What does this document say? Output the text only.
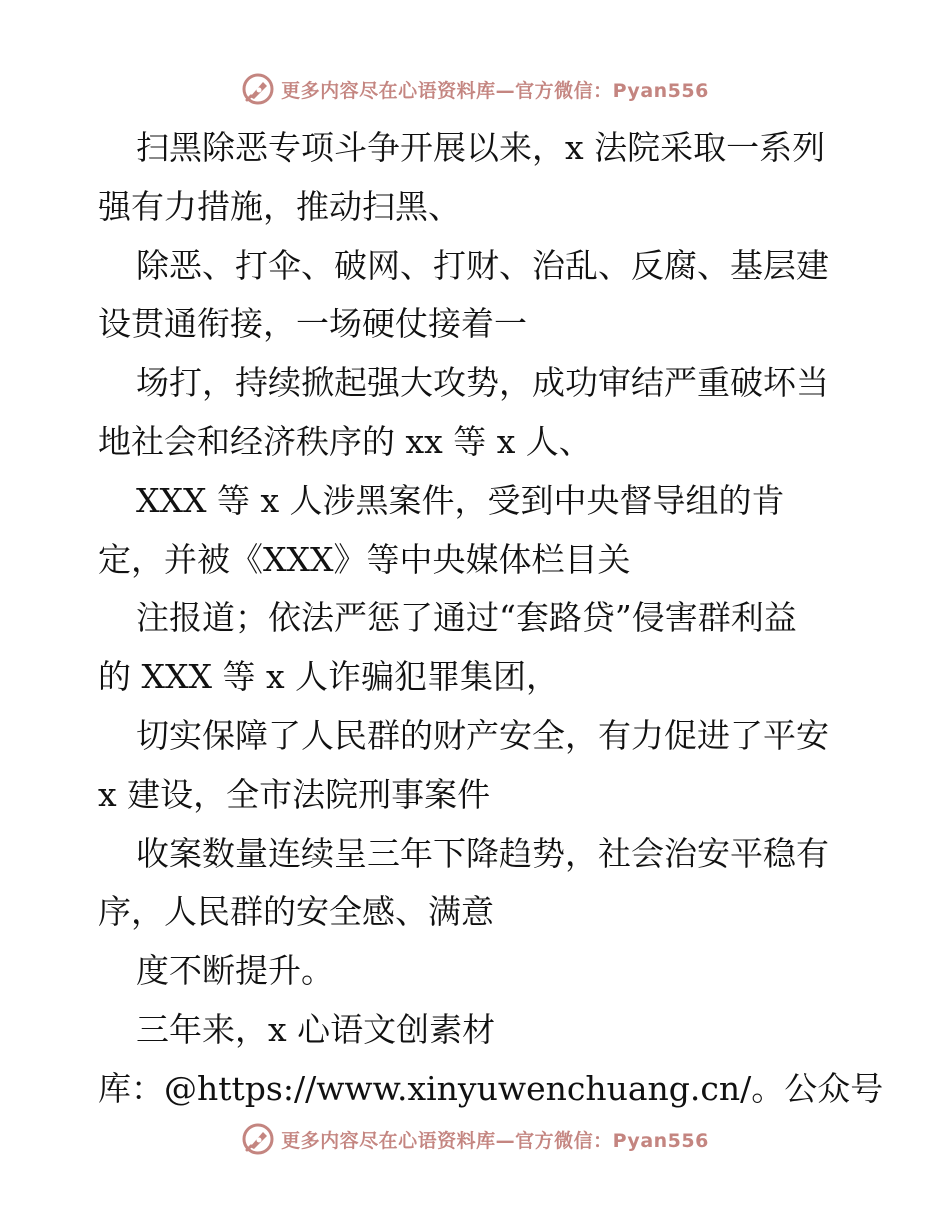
更多内容尽在心语资料库—官方微信：Pyan556
扫黑除恶专项斗争开展以来，x 法院采取一系列
强有力措施，推动扫黑、
除恶、打伞、破网、打财、治乱、反腐、基层建
设贯通衔接，一场硬仗接着一
场打，持续掀起强大攻势，成功审结严重破坏当
地社会和经济秩序的 xx 等 x 人、
XXX 等 x 人涉黑案件，受到中央督导组的肯
定，并被《XXX》等中央媒体栏目关
注报道；依法严惩了通过“套路贷”侵害群利益
的 XXX 等 x 人诈骗犯罪集团，
切实保障了人民群的财产安全，有力促进了平安
x 建设，全市法院刑事案件
收案数量连续呈三年下降趋势，社会治安平稳有
序，人民群的安全感、满意
度不断提升。
三年来，x 心语文创素材
库：@https://www.xinyuwenchuang.cn/。公众号
更多内容尽在心语资料库—官方微信：Pyan556
